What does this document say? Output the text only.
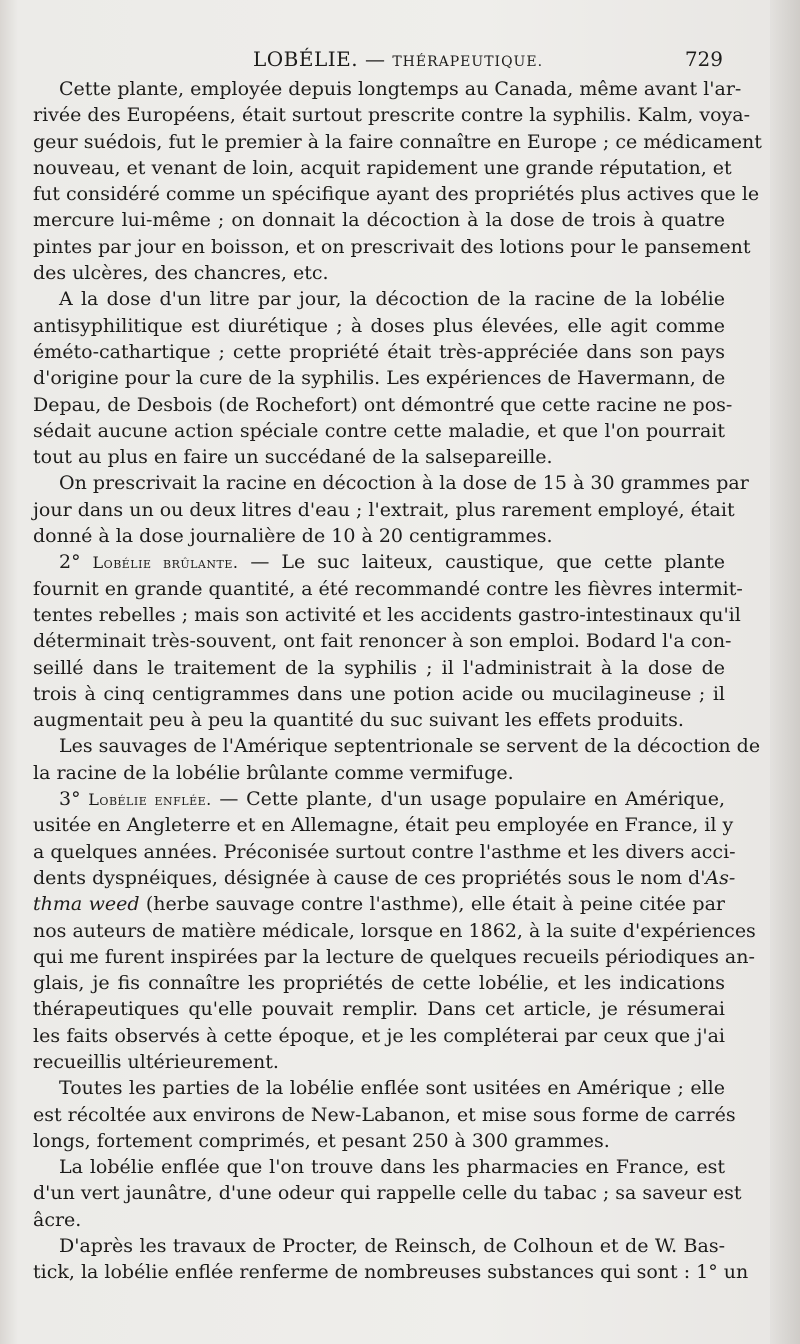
LOBÉLIE. — THÉRAPEUTIQUE.	729
Cette plante, employée depuis longtemps au Canada, même avant l'ar-
rivée des Européens, était surtout prescrite contre la syphilis. Kalm, voya-
geur suédois, fut le premier à la faire connaître en Europe ; ce médicament
nouveau, et venant de loin, acquit rapidement une grande réputation, et
fut considéré comme un spécifique ayant des propriétés plus actives que le
mercure lui-même ; on donnait la décoction à la dose de trois à quatre
pintes par jour en boisson, et on prescrivait des lotions pour le pansement
des ulcères, des chancres, etc.
A la dose d'un litre par jour, la décoction de la racine de la lobélie
antisyphilitique est diurétique ; à doses plus élevées, elle agit comme
éméto-cathartique ; cette propriété était très-appréciée dans son pays
d'origine pour la cure de la syphilis. Les expériences de Havermann, de
Depau, de Desbois (de Rochefort) ont démontré que cette racine ne pos-
sédait aucune action spéciale contre cette maladie, et que l'on pourrait
tout au plus en faire un succédané de la salsepareille.
On prescrivait la racine en décoction à la dose de 15 à 30 grammes par
jour dans un ou deux litres d'eau ; l'extrait, plus rarement employé, était
donné à la dose journalière de 10 à 20 centigrammes.
2° Lobélie brûlante. — Le suc laiteux, caustique, que cette plante
fournit en grande quantité, a été recommandé contre les fièvres intermit-
tentes rebelles ; mais son activité et les accidents gastro-intestinaux qu'il
déterminait très-souvent, ont fait renoncer à son emploi. Bodard l'a con-
seillé dans le traitement de la syphilis ; il l'administrait à la dose de
trois à cinq centigrammes dans une potion acide ou mucilagineuse ; il
augmentait peu à peu la quantité du suc suivant les effets produits.
Les sauvages de l'Amérique septentrionale se servent de la décoction de
la racine de la lobélie brûlante comme vermifuge.
3° Lobélie enflée. — Cette plante, d'un usage populaire en Amérique,
usitée en Angleterre et en Allemagne, était peu employée en France, il y
a quelques années. Préconisée surtout contre l'asthme et les divers acci-
dents dyspnéiques, désignée à cause de ces propriétés sous le nom d'As-
thma weed (herbe sauvage contre l'asthme), elle était à peine citée par
nos auteurs de matière médicale, lorsque en 1862, à la suite d'expériences
qui me furent inspirées par la lecture de quelques recueils périodiques an-
glais, je fis connaître les propriétés de cette lobélie, et les indications
thérapeutiques qu'elle pouvait remplir. Dans cet article, je résumerai
les faits observés à cette époque, et je les compléterai par ceux que j'ai
recueillis ultérieurement.
Toutes les parties de la lobélie enflée sont usitées en Amérique ; elle
est récoltée aux environs de New-Labanon, et mise sous forme de carrés
longs, fortement comprimés, et pesant 250 à 300 grammes.
La lobélie enflée que l'on trouve dans les pharmacies en France, est
d'un vert jaunâtre, d'une odeur qui rappelle celle du tabac ; sa saveur est
âcre.
D'après les travaux de Procter, de Reinsch, de Colhoun et de W. Bas-
tick, la lobélie enflée renferme de nombreuses substances qui sont : 1° un
